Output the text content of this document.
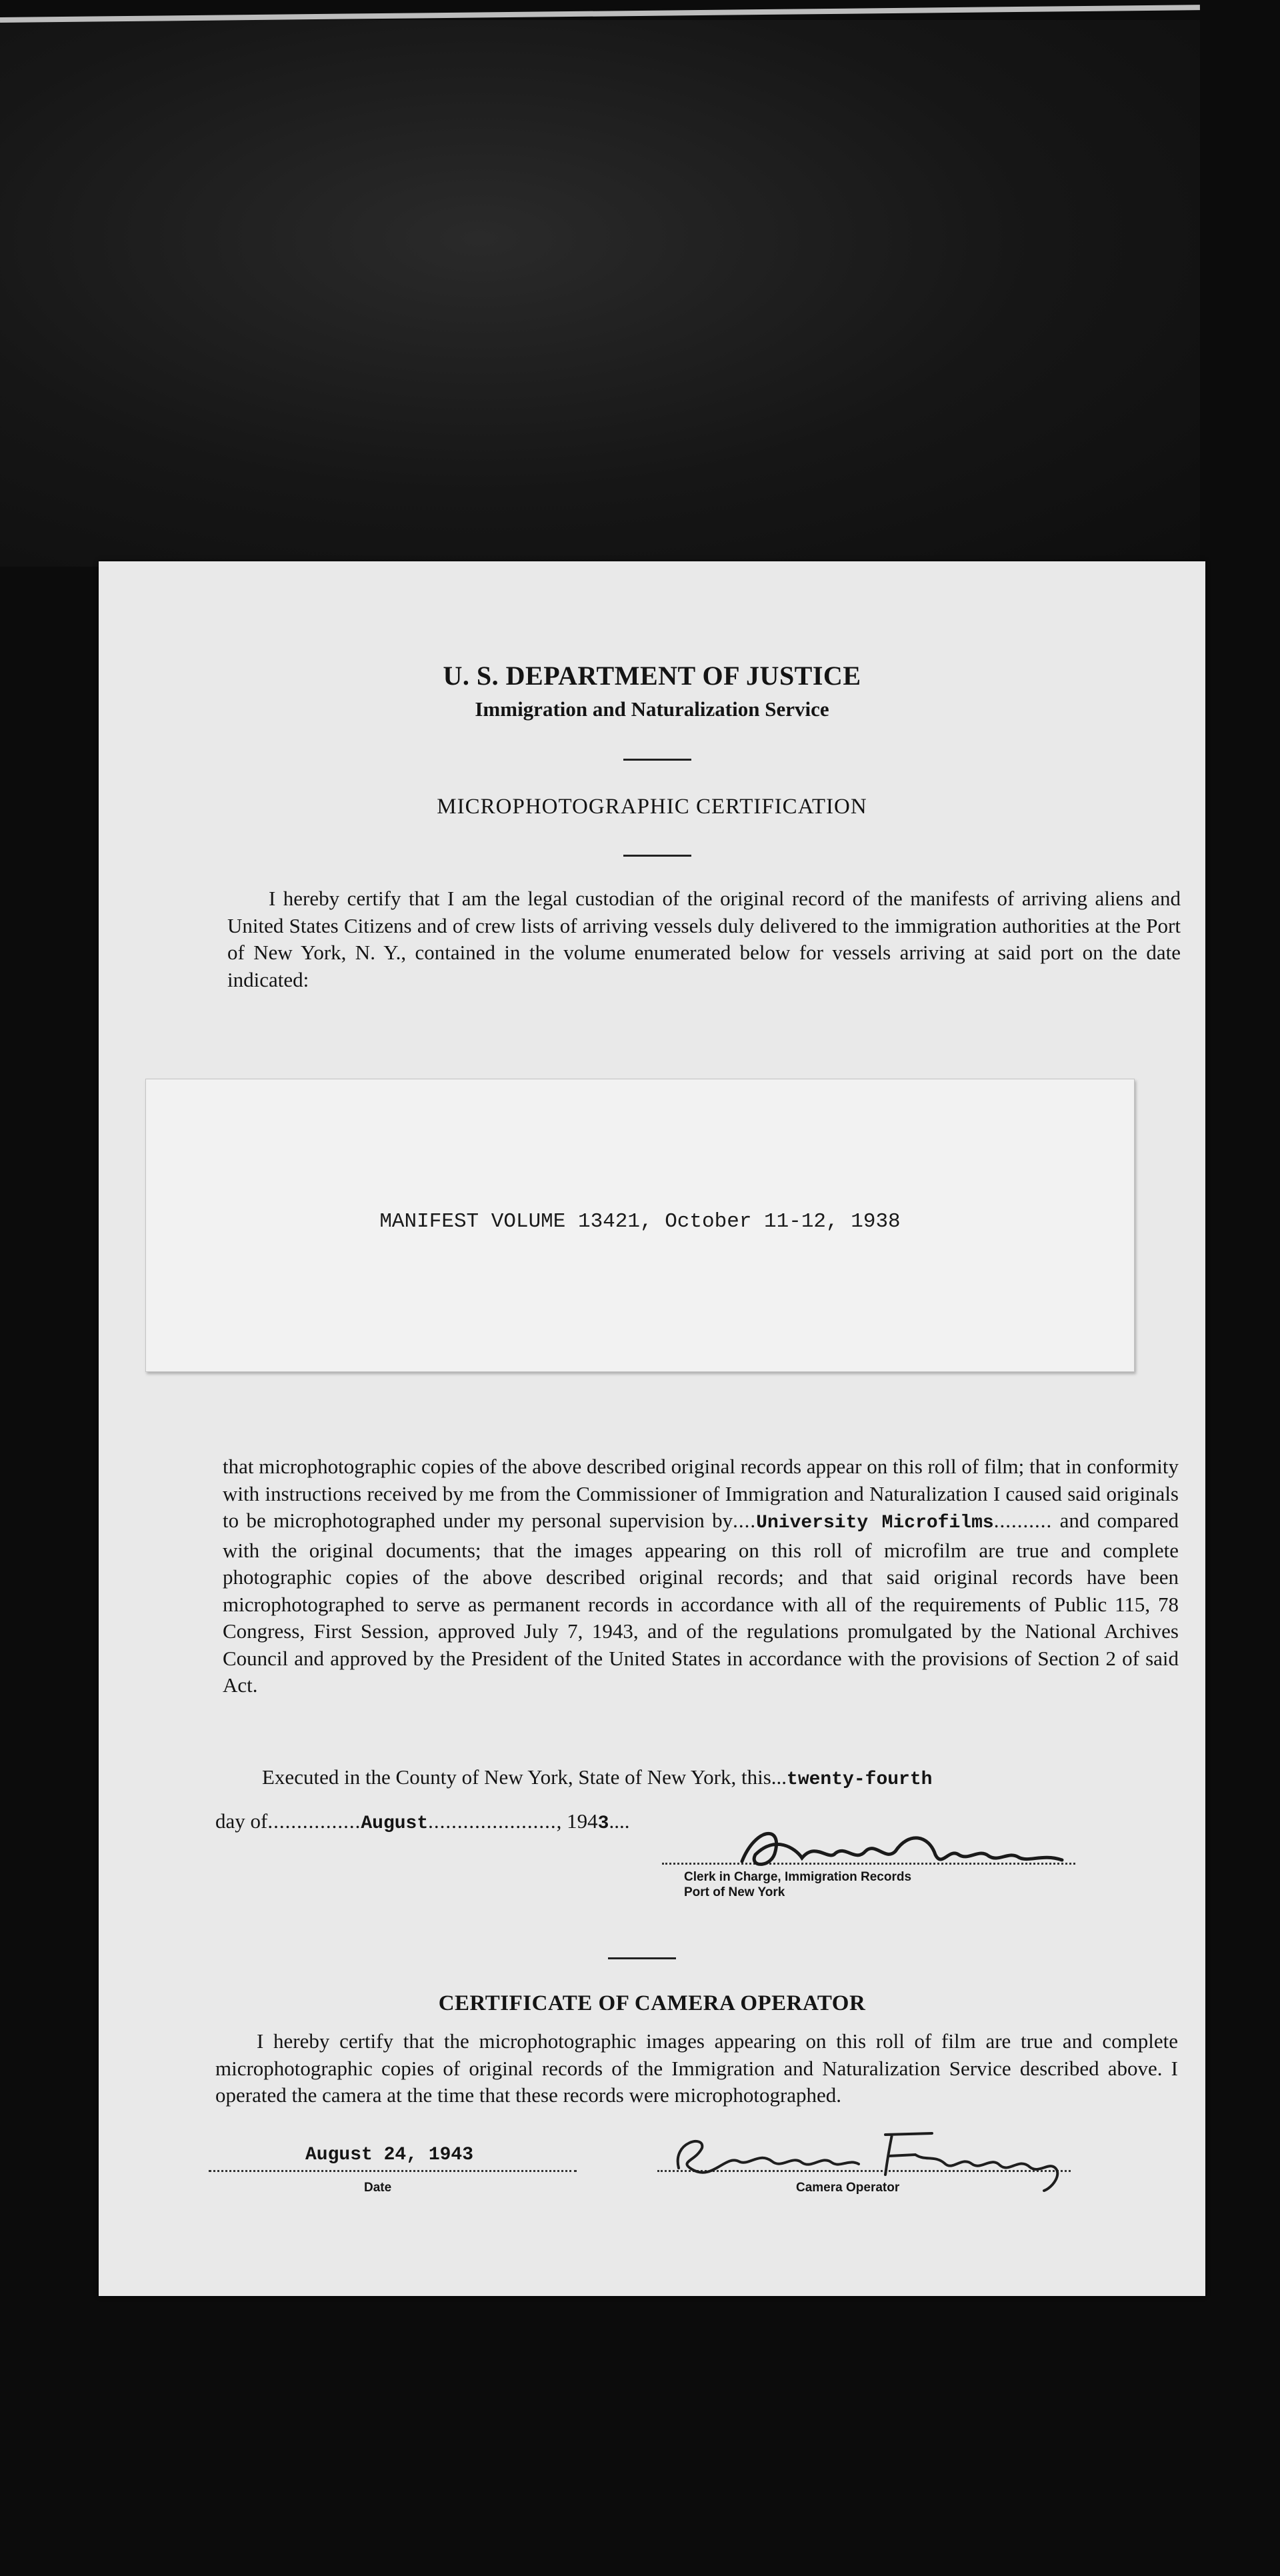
U. S. DEPARTMENT OF JUSTICE
Immigration and Naturalization Service
MICROPHOTOGRAPHIC CERTIFICATION
I hereby certify that I am the legal custodian of the original record of the manifests of arriving aliens and United States Citizens and of crew lists of arriving vessels duly delivered to the immigration authorities at the Port of New York, N. Y., contained in the volume enumerated below for vessels arriving at said port on the date indicated:
MANIFEST VOLUME 13421, October 11-12, 1938
that microphotographic copies of the above described original records appear on this roll of film; that in conformity with instructions received by me from the Commissioner of Immigration and Naturalization I caused said originals to be microphotographed under my personal supervision by....University Microfilms.......... and compared with the original documents; that the images appearing on this roll of microfilm are true and complete photographic copies of the above described original records; and that said original records have been microphotographed to serve as permanent records in accordance with all of the requirements of Public 115, 78 Congress, First Session, approved July 7, 1943, and of the regulations promulgated by the National Archives Council and approved by the President of the United States in accordance with the provisions of Section 2 of said Act.
Executed in the County of New York, State of New York, this...twenty-fourth
day of................August......................, 1943....
Clerk in Charge, Immigration Records
Port of New York
CERTIFICATE OF CAMERA OPERATOR
I hereby certify that the microphotographic images appearing on this roll of film are true and complete microphotographic copies of original records of the Immigration and Naturalization Service described above. I operated the camera at the time that these records were microphotographed.
August 24, 1943
Date	Camera Operator
